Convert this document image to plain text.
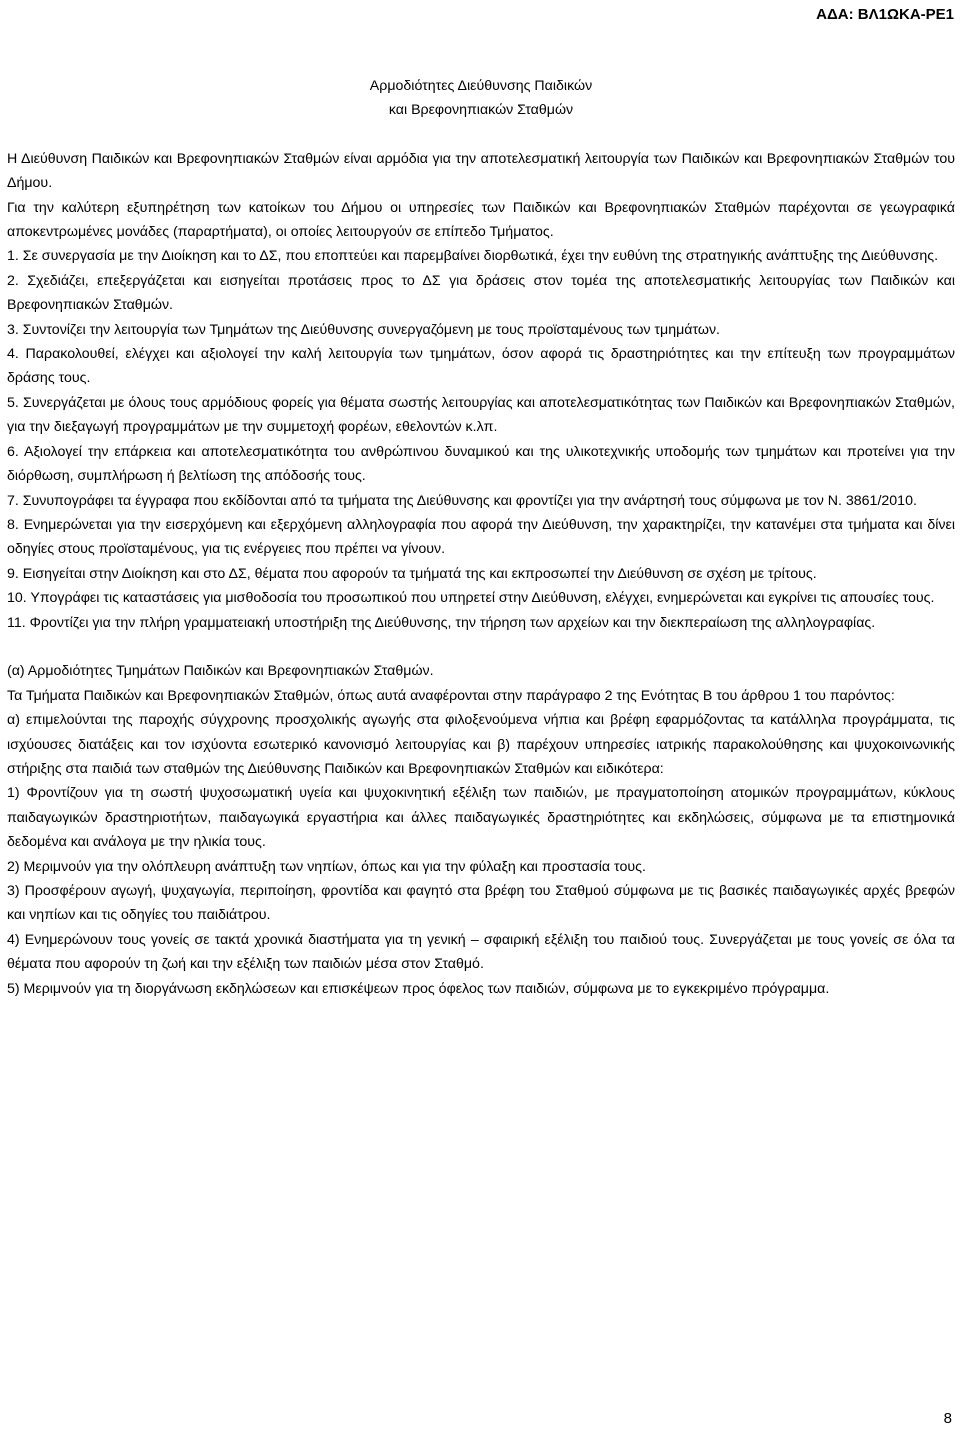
ΑΔΑ: ΒΛ1ΩΚΑ-ΡΕ1
Αρμοδιότητες Διεύθυνσης Παιδικών
και Βρεφονηπιακών Σταθμών

Η Διεύθυνση Παιδικών και Βρεφονηπιακών Σταθμών είναι αρμόδια για την αποτελεσματική λειτουργία των Παιδικών και Βρεφονηπιακών Σταθμών του Δήμου.

Για την καλύτερη εξυπηρέτηση των κατοίκων του Δήμου οι υπηρεσίες των Παιδικών και Βρεφονηπιακών Σταθμών παρέχονται σε γεωγραφικά αποκεντρωμένες μονάδες (παραρτήματα), οι οποίες λειτουργούν σε επίπεδο Τμήματος.

1. Σε συνεργασία με την Διοίκηση και το ΔΣ, που εποπτεύει και παρεμβαίνει διορθωτικά, έχει την ευθύνη της στρατηγικής ανάπτυξης της Διεύθυνσης.

2. Σχεδιάζει, επεξεργάζεται και εισηγείται προτάσεις προς το ΔΣ για δράσεις στον τομέα της αποτελεσματικής λειτουργίας των Παιδικών και Βρεφονηπιακών Σταθμών.

3. Συντονίζει την λειτουργία των Τμημάτων της Διεύθυνσης συνεργαζόμενη με τους προϊσταμένους των τμημάτων.

4. Παρακολουθεί, ελέγχει και αξιολογεί την καλή λειτουργία των τμημάτων, όσον αφορά τις δραστηριότητες και την επίτευξη των προγραμμάτων δράσης τους.

5. Συνεργάζεται με όλους τους αρμόδιους φορείς για θέματα σωστής λειτουργίας και αποτελεσματικότητας των Παιδικών και Βρεφονηπιακών Σταθμών, για την διεξαγωγή προγραμμάτων με την συμμετοχή φορέων, εθελοντών κ.λπ.

6. Αξιολογεί την επάρκεια και αποτελεσματικότητα του ανθρώπινου δυναμικού και της υλικοτεχνικής υποδομής των τμημάτων και προτείνει για την διόρθωση, συμπλήρωση ή βελτίωση της απόδοσής τους.

7. Συνυπογράφει τα έγγραφα που εκδίδονται από τα τμήματα της Διεύθυνσης και φροντίζει για την ανάρτησή τους σύμφωνα με τον Ν. 3861/2010.

8. Ενημερώνεται για την εισερχόμενη και εξερχόμενη αλληλογραφία που αφορά την Διεύθυνση, την χαρακτηρίζει, την κατανέμει στα τμήματα και δίνει οδηγίες στους προϊσταμένους, για τις ενέργειες που πρέπει να γίνουν.

9. Εισηγείται στην Διοίκηση και στο ΔΣ, θέματα που αφορούν τα τμήματά της και εκπροσωπεί την Διεύθυνση σε σχέση με τρίτους.

10. Υπογράφει τις καταστάσεις για μισθοδοσία του προσωπικού που υπηρετεί στην Διεύθυνση, ελέγχει, ενημερώνεται και εγκρίνει τις απουσίες τους.

11. Φροντίζει για την πλήρη γραμματειακή υποστήριξη της Διεύθυνσης, την τήρηση των αρχείων και την διεκπεραίωση της αλληλογραφίας.

(α) Αρμοδιότητες Τμημάτων Παιδικών και Βρεφονηπιακών Σταθμών.

Τα Τμήματα Παιδικών και Βρεφονηπιακών Σταθμών, όπως αυτά αναφέρονται στην παράγραφο 2 της Ενότητας Β του άρθρου 1 του παρόντος:

α) επιμελούνται της παροχής σύγχρονης προσχολικής αγωγής στα φιλοξενούμενα νήπια και βρέφη εφαρμόζοντας τα κατάλληλα προγράμματα, τις ισχύουσες διατάξεις και τον ισχύοντα εσωτερικό κανονισμό λειτουργίας και β) παρέχουν υπηρεσίες ιατρικής παρακολούθησης και ψυχοκοινωνικής στήριξης στα παιδιά των σταθμών της Διεύθυνσης Παιδικών και Βρεφονηπιακών Σταθμών και ειδικότερα:

1) Φροντίζουν για τη σωστή ψυχοσωματική υγεία και ψυχοκινητική εξέλιξη των παιδιών, με πραγματοποίηση ατομικών προγραμμάτων, κύκλους παιδαγωγικών δραστηριοτήτων, παιδαγωγικά εργαστήρια και άλλες παιδαγωγικές δραστηριότητες και εκδηλώσεις, σύμφωνα με τα επιστημονικά δεδομένα και ανάλογα με την ηλικία τους.

2) Μεριμνούν για την ολόπλευρη ανάπτυξη των νηπίων, όπως και για την φύλαξη και προστασία τους.

3) Προσφέρουν αγωγή, ψυχαγωγία, περιποίηση, φροντίδα και φαγητό στα βρέφη του Σταθμού σύμφωνα με τις βασικές παιδαγωγικές αρχές βρεφών και νηπίων και τις οδηγίες του παιδιάτρου.

4) Ενημερώνουν τους γονείς σε τακτά χρονικά διαστήματα για τη γενική – σφαιρική εξέλιξη του παιδιού τους. Συνεργάζεται με τους γονείς σε όλα τα θέματα που αφορούν τη ζωή και την εξέλιξη των παιδιών μέσα στον Σταθμό.

5) Μεριμνούν για τη διοργάνωση εκδηλώσεων και επισκέψεων προς όφελος των παιδιών, σύμφωνα με το εγκεκριμένο πρόγραμμα.

8
